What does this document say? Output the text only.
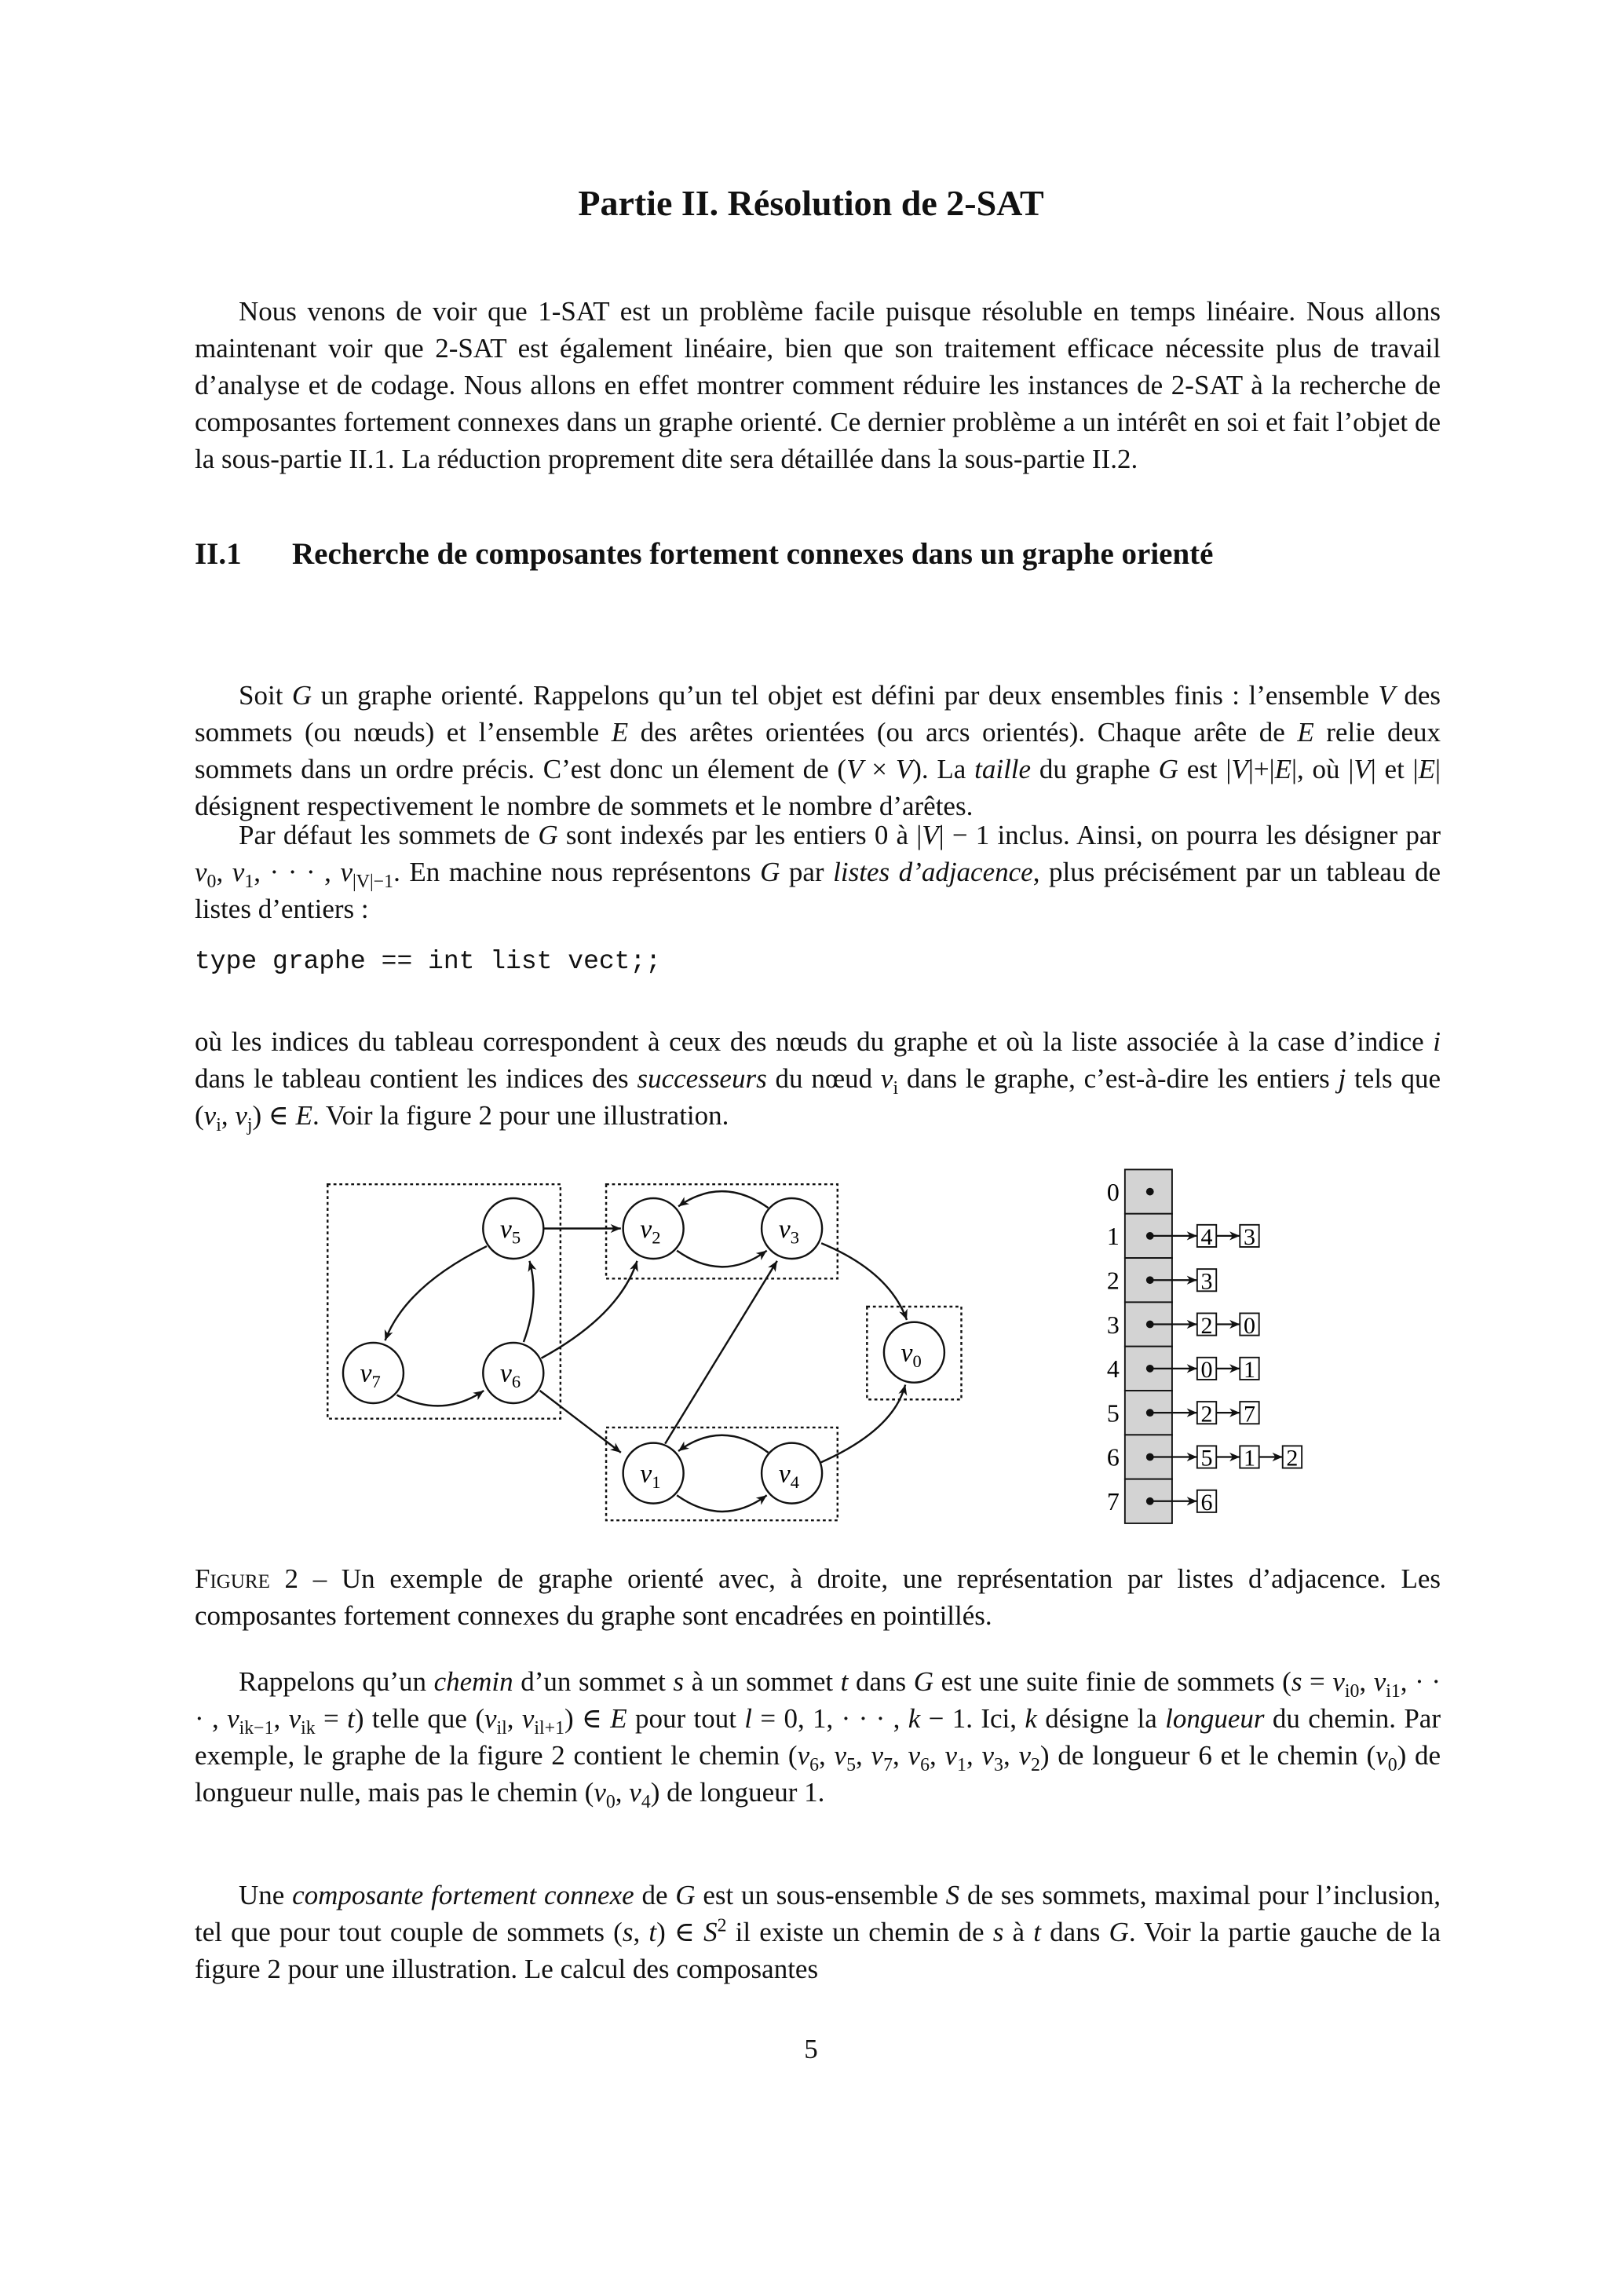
Partie II. Résolution de 2-SAT
Nous venons de voir que 1-SAT est un problème facile puisque résoluble en temps linéaire. Nous allons maintenant voir que 2-SAT est également linéaire, bien que son traitement efficace nécessite plus de travail d’analyse et de codage. Nous allons en effet montrer comment réduire les instances de 2-SAT à la recherche de composantes fortement connexes dans un graphe orienté. Ce dernier problème a un intérêt en soi et fait l’objet de la sous-partie II.1. La réduction proprement dite sera détaillée dans la sous-partie II.2.
II.1 Recherche de composantes fortement connexes dans un graphe orienté
Soit G un graphe orienté. Rappelons qu’un tel objet est défini par deux ensembles finis : l’ensemble V des sommets (ou nœuds) et l’ensemble E des arêtes orientées (ou arcs orientés). Chaque arête de E relie deux sommets dans un ordre précis. C’est donc un élement de (V × V). La taille du graphe G est |V|+|E|, où |V| et |E| désignent respectivement le nombre de sommets et le nombre d’arêtes.
Par défaut les sommets de G sont indexés par les entiers 0 à |V| − 1 inclus. Ainsi, on pourra les désigner par $v_0$, $v_1$, · · · , $v_{|V|-1}$. En machine nous représentons G par listes d’adjacence, plus précisément par un tableau de listes d’entiers :
type graphe == int list vect;;
où les indices du tableau correspondent à ceux des nœuds du graphe et où la liste associée à la case d’indice i dans le tableau contient les indices des successeurs du nœud $v_i$ dans le graphe, c’est-à-dire les entiers j tels que ($v_i$, $v_j$) ∈ E. Voir la figure 2 pour une illustration.
$v_0$
$v_1$
$v_2$	$v_3$
$v_4$
$v_5$
$v_6$
$v_7$
0
1	4 3
2	3
3	2 0
4	0 1
5	2 7
6	5 1 2
7	6
Figure 2 – Un exemple de graphe orienté avec, à droite, une représentation par listes d’adjacence. Les composantes fortement connexes du graphe sont encadrées en pointillés.
Rappelons qu’un chemin d’un sommet s à un sommet t dans G est une suite finie de sommets ($s = v_{i0}$, $v_{i1}$, · · · , $v_{ik-1}$, $v_{ik} = t$) telle que ($v_{il}$, $v_{il+1}$) ∈ E pour tout l = 0, 1, · · · , k − 1. Ici, k désigne la longueur du chemin. Par exemple, le graphe de la figure 2 contient le chemin ($v_6$, $v_5$, $v_7$, $v_6$, $v_1$, $v_3$, $v_2$) de longueur 6 et le chemin $(v_0)$ de longueur nulle, mais pas le chemin ($v_0$, $v_4$) de longueur 1.
Une composante fortement connexe de G est un sous-ensemble S de ses sommets, maximal pour l’inclusion, tel que pour tout couple de sommets (s, t) ∈ $S^2$ il existe un chemin de s à t dans G. Voir la partie gauche de la figure 2 pour une illustration. Le calcul des composantes
5
